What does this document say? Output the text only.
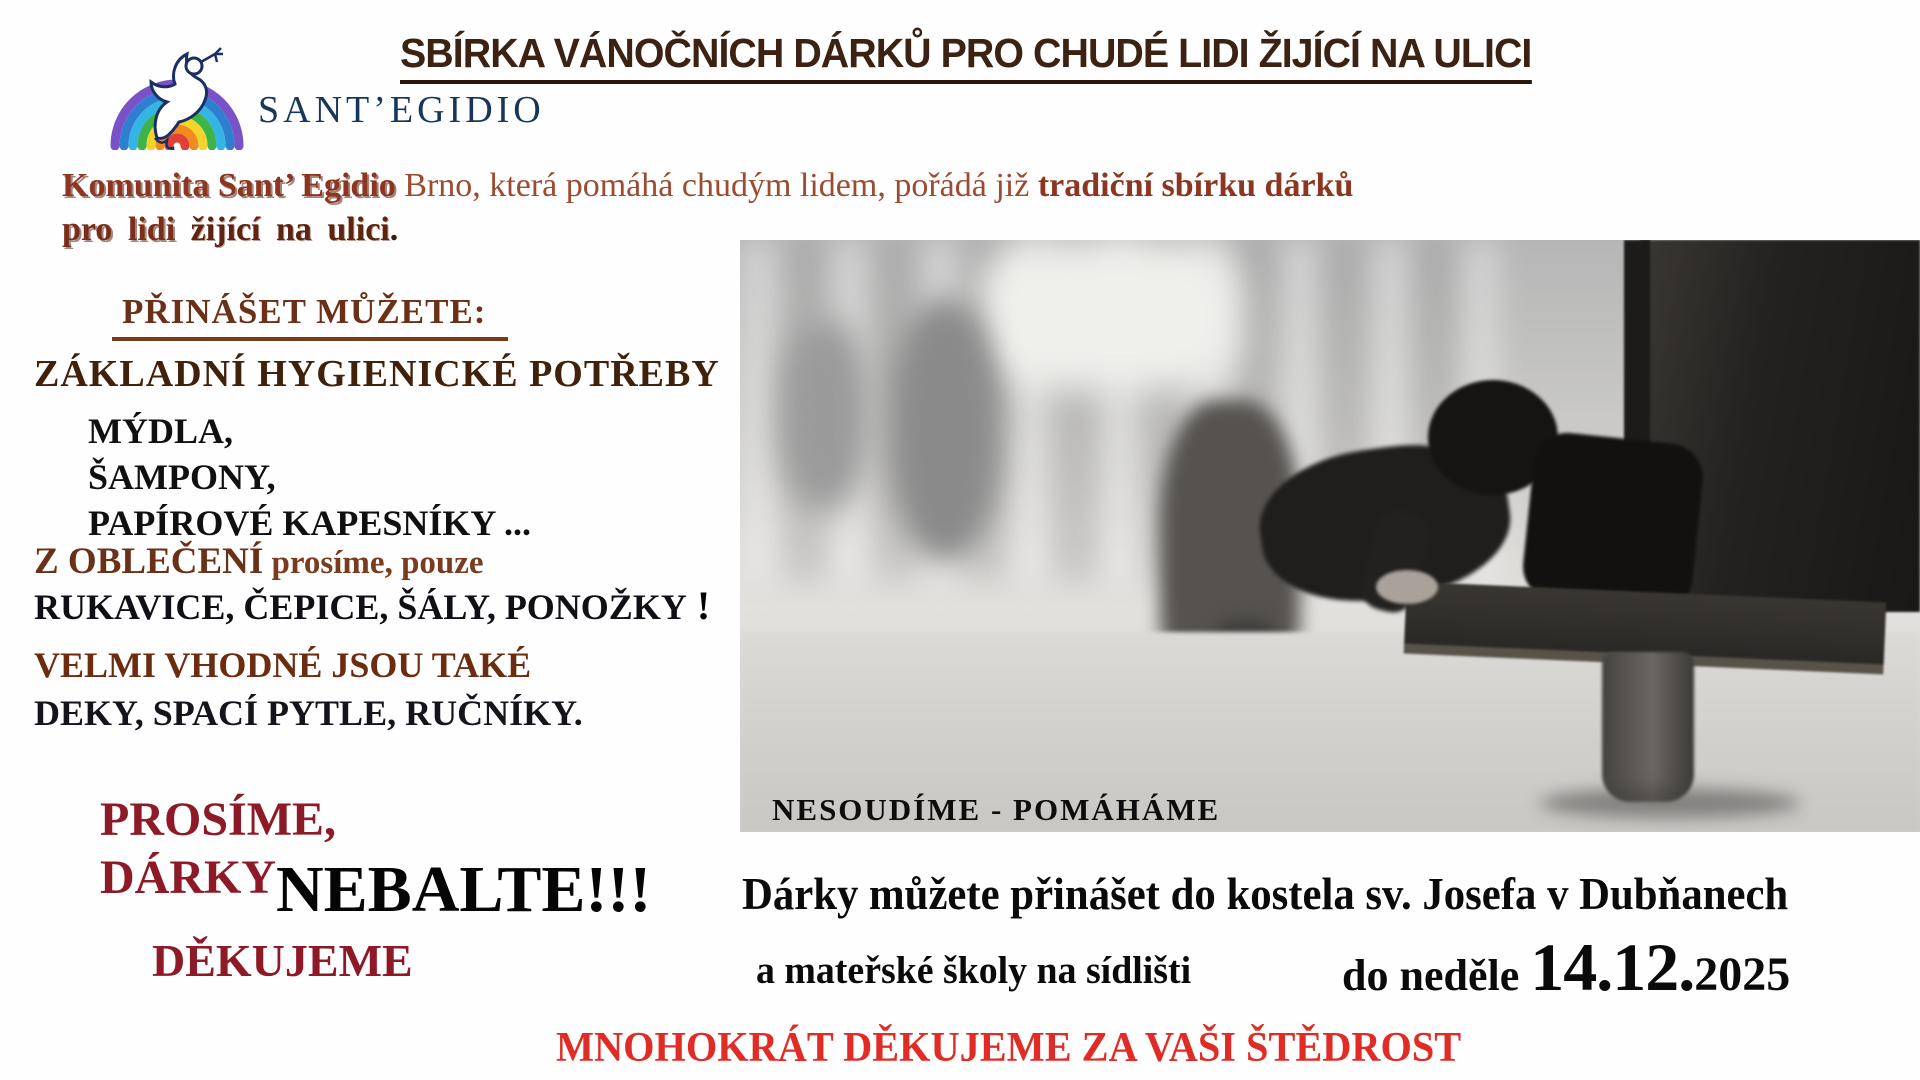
SANT’EGIDIO
SBÍRKA VÁNOČNÍCH DÁRKŮ PRO CHUDÉ LIDI ŽIJÍCÍ NA ULICI
Komunita Sant’ Egidio Brno, která pomáhá chudým lidem, pořádá již tradiční sbírku dárků
pro lidi žijící na ulici.
PŘINÁŠET MŮŽETE:
ZÁKLADNÍ HYGIENICKÉ POTŘEBY
MÝDLA,
ŠAMPONY,
PAPÍROVÉ KAPESNÍKY ...
Z OBLEČENÍ prosíme, pouze
RUKAVICE, ČEPICE, ŠÁLY, PONOŽKY !
VELMI VHODNÉ JSOU TAKÉ
DEKY, SPACÍ PYTLE, RUČNÍKY.
PROSÍME,
DÁRKY NEBALTE!!!
DĚKUJEME
NESOUDÍME - POMÁHÁME
Dárky můžete přinášet do kostela sv. Josefa v Dubňanech
a mateřské školy na sídlišti	do neděle 14.12.2025
MNOHOKRÁT DĚKUJEME ZA VAŠI ŠTĚDROST
